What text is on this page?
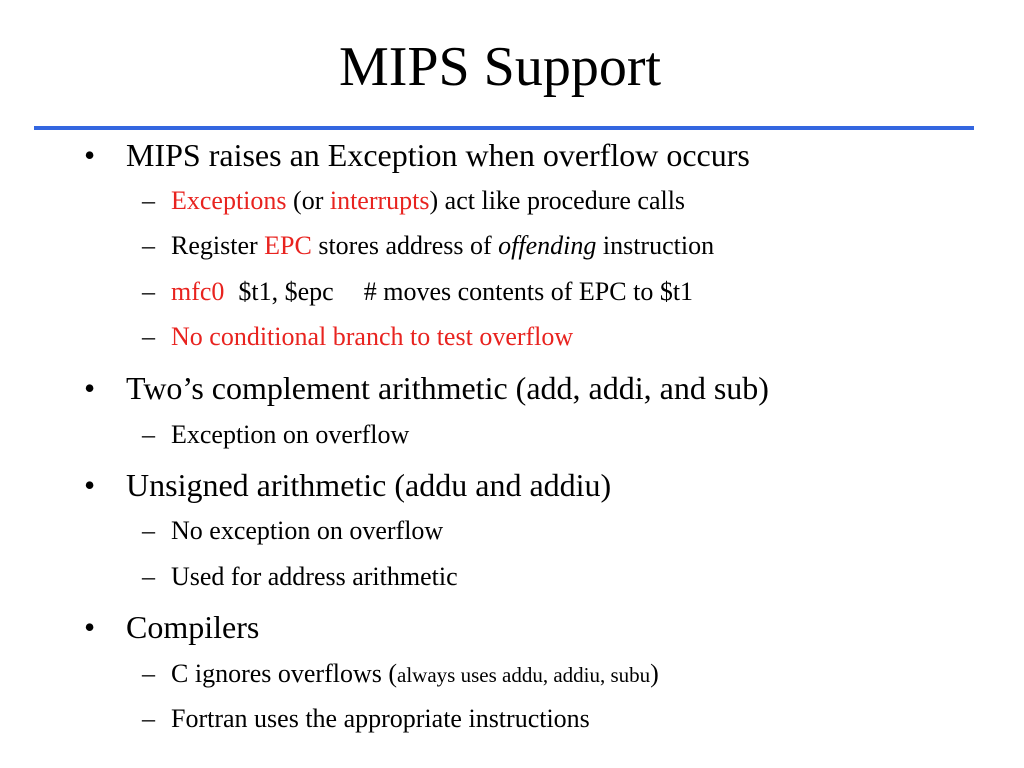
MIPS Support
• MIPS raises an Exception when overflow occurs
– Exceptions (or interrupts) act like procedure calls
– Register EPC stores address of offending instruction
– mfc0 $t1, $epc # moves contents of EPC to $t1
– No conditional branch to test overflow
• Two’s complement arithmetic (add, addi, and sub)
– Exception on overflow
• Unsigned arithmetic (addu and addiu)
– No exception on overflow
– Used for address arithmetic
• Compilers
– C ignores overflows (always uses addu, addiu, subu)
– Fortran uses the appropriate instructions
